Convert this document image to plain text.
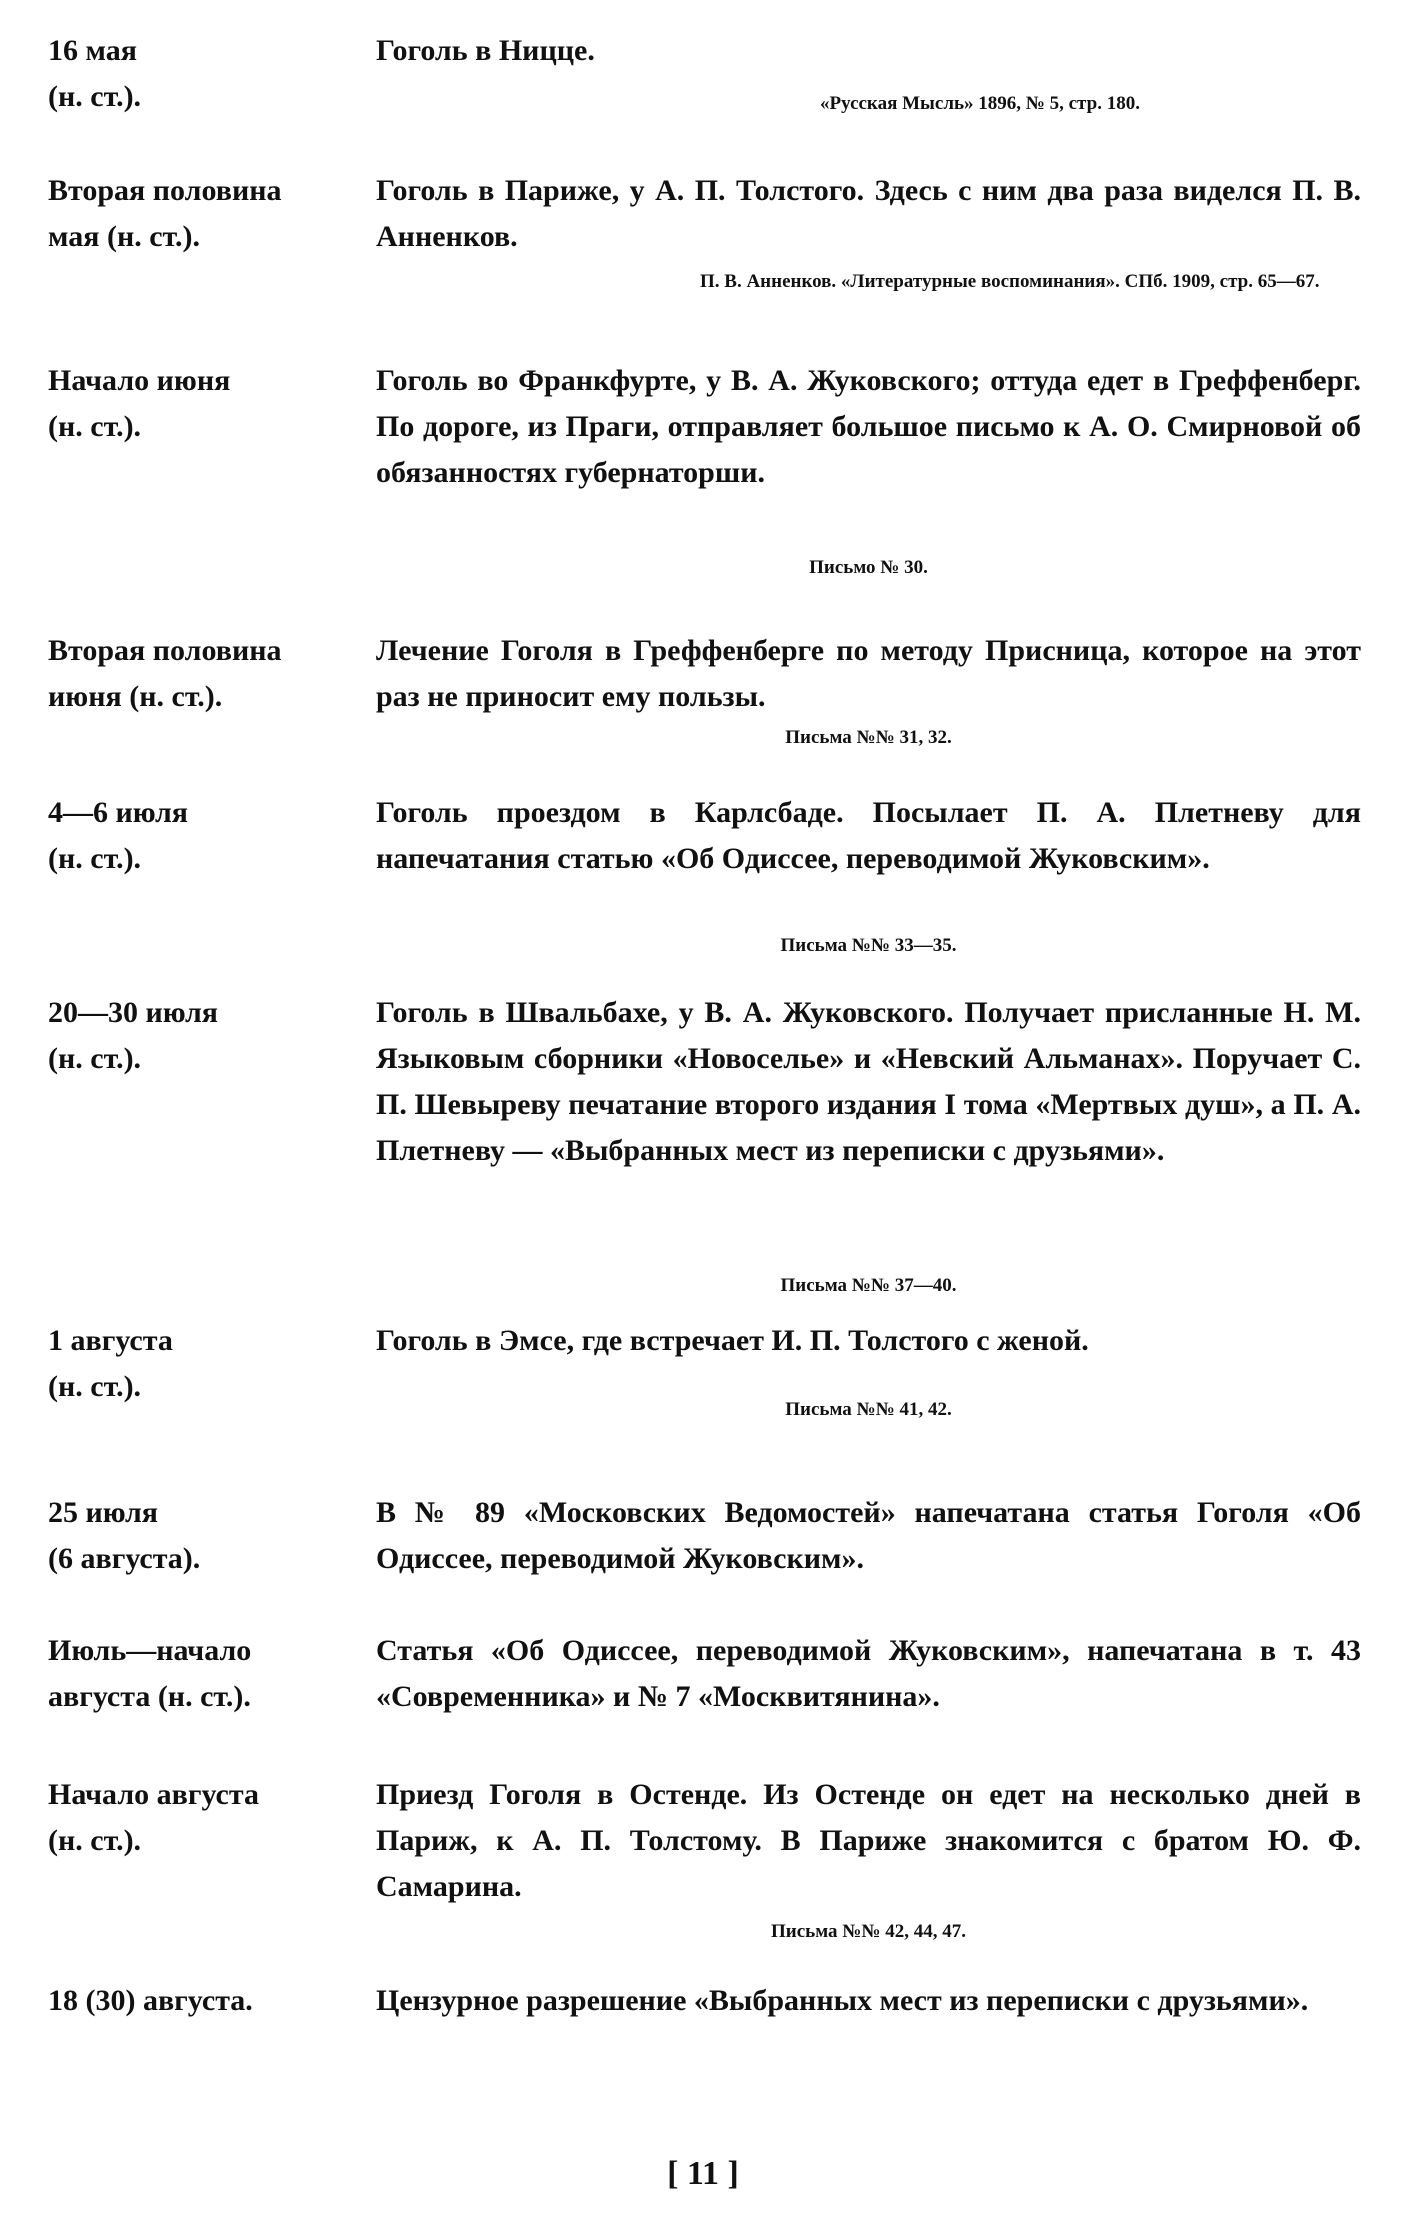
16 мая
(н. ст.).
Гоголь в Ницце.
«Русская Мысль» 1896, № 5, стр. 180.
Вторая половина
мая (н. ст.).
Гоголь в Париже, у А. П. Толстого. Здесь с ним два раза виделся П. В. Анненков.
П. В. Анненков. «Литературные воспоминания». СПб. 1909, стр. 65—67.
Начало июня
(н. ст.).
Гоголь во Франкфурте, у В. А. Жуковского; оттуда едет в Греффенберг. По дороге, из Праги, отправляет большое письмо к А. О. Смирновой об обязанностях губернаторши.
Письмо № 30.
Вторая половина
июня (н. ст.).
Лечение Гоголя в Греффенберге по методу Присница, которое на этот раз не приносит ему пользы.
Письма №№ 31, 32.
4—6 июля
(н. ст.).
Гоголь проездом в Карлсбаде. Посылает П. А. Плетневу для напечатания статью «Об Одиссее, переводимой Жуковским».
Письма №№ 33—35.
20—30 июля
(н. ст.).
Гоголь в Швальбахе, у В. А. Жуковского. Получает присланные Н. М. Языковым сборники «Новоселье» и «Невский Альманах». Поручает С. П. Шевыреву печатание второго издания I тома «Мертвых душ», а П. А. Плетневу — «Выбранных мест из переписки с друзьями».
Письма №№ 37—40.
1 августа
(н. ст.).
Гоголь в Эмсе, где встречает И. П. Толстого с женой.
Письма №№ 41, 42.
25 июля
(6 августа).
В № 89 «Московских Ведомостей» напечатана статья Гоголя «Об Одиссее, переводимой Жуковским».
Июль—начало
августа (н. ст.).
Статья «Об Одиссее, переводимой Жуковским», напечатана в т. 43 «Современника» и № 7 «Москвитянина».
Начало августа
(н. ст.).
Приезд Гоголя в Остенде. Из Остенде он едет на несколько дней в Париж, к А. П. Толстому. В Париже знакомится с братом Ю. Ф. Самарина.
Письма №№ 42, 44, 47.
18 (30) августа.	Цензурное разрешение «Выбранных мест из переписки с друзьями».
[ 11 ]
